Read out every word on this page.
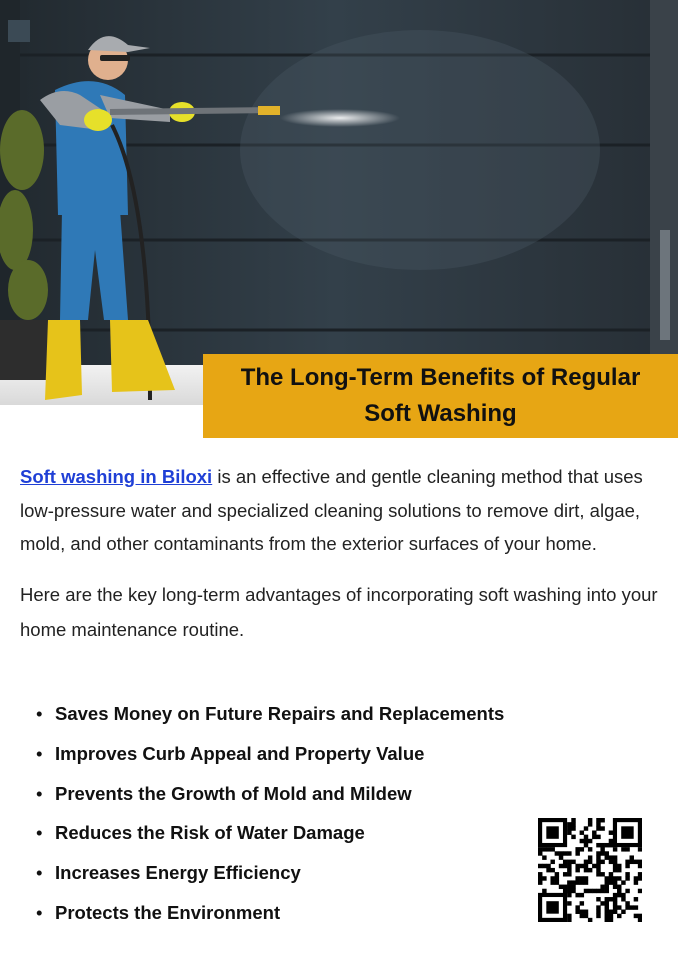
The Long-Term Benefits of Regular
Soft Washing

Soft washing in Biloxi is an effective and gentle cleaning method that uses low-pressure water and specialized cleaning solutions to remove dirt, algae, mold, and other contaminants from the exterior surfaces of your home.

Here are the key long-term advantages of incorporating soft washing into your home maintenance routine.

• Saves Money on Future Repairs and Replacements
• Improves Curb Appeal and Property Value
• Prevents the Growth of Mold and Mildew
• Reduces the Risk of Water Damage
• Increases Energy Efficiency
• Protects the Environment
